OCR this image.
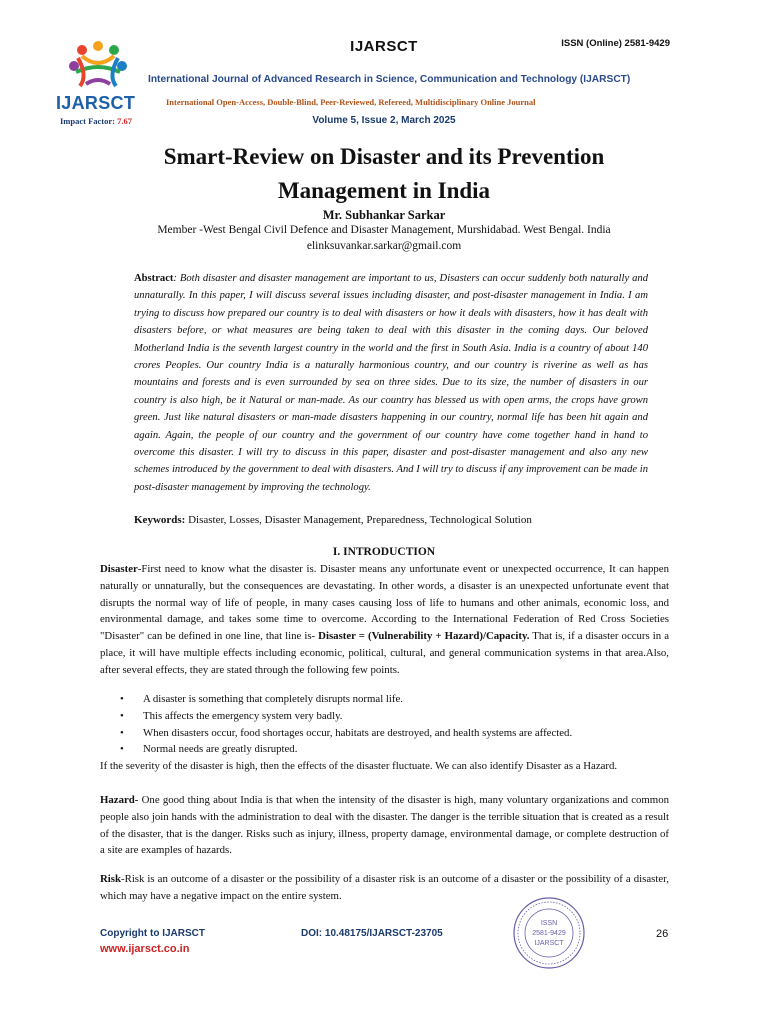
IJARSCT	ISSN (Online) 2581-9429
IJARSCT
International Journal of Advanced Research in Science, Communication and Technology (IJARSCT)
International Open-Access, Double-Blind, Peer-Reviewed, Refereed, Multidisciplinary Online Journal
Impact Factor: 7.67	Volume 5, Issue 2, March 2025
Smart-Review on Disaster and its Prevention Management in India
Mr. Subhankar Sarkar
Member -West Bengal Civil Defence and Disaster Management, Murshidabad. West Bengal. India
elinksuvankar.sarkar@gmail.com
Abstract: Both disaster and disaster management are important to us, Disasters can occur suddenly both naturally and unnaturally. In this paper, I will discuss several issues including disaster, and post-disaster management in India. I am trying to discuss how prepared our country is to deal with disasters or how it deals with disasters, how it has dealt with disasters before, or what measures are being taken to deal with this disaster in the coming days. Our beloved Motherland India is the seventh largest country in the world and the first in South Asia. India is a country of about 140 crores Peoples. Our country India is a naturally harmonious country, and our country is riverine as well as has mountains and forests and is even surrounded by sea on three sides. Due to its size, the number of disasters in our country is also high, be it Natural or man-made. As our country has blessed us with open arms, the crops have grown green. Just like natural disasters or man-made disasters happening in our country, normal life has been hit again and again. Again, the people of our country and the government of our country have come together hand in hand to overcome this disaster. I will try to discuss in this paper, disaster and post-disaster management and also any new schemes introduced by the government to deal with disasters. And I will try to discuss if any improvement can be made in post-disaster management by improving the technology.
Keywords: Disaster, Losses, Disaster Management, Preparedness, Technological Solution
I. INTRODUCTION
Disaster-First need to know what the disaster is. Disaster means any unfortunate event or unexpected occurrence, It can happen naturally or unnaturally, but the consequences are devastating. In other words, a disaster is an unexpected unfortunate event that disrupts the normal way of life of people, in many cases causing loss of life to humans and other animals, economic loss, and environmental damage, and takes some time to overcome. According to the International Federation of Red Cross Societies "Disaster" can be defined in one line, that line is- Disaster = (Vulnerability + Hazard)/Capacity. That is, if a disaster occurs in a place, it will have multiple effects including economic, political, cultural, and general communication systems in that area.Also, after several effects, they are stated through the following few points.
• A disaster is something that completely disrupts normal life.
• This affects the emergency system very badly.
• When disasters occur, food shortages occur, habitats are destroyed, and health systems are affected.
• Normal needs are greatly disrupted.
If the severity of the disaster is high, then the effects of the disaster fluctuate. We can also identify Disaster as a Hazard.
Hazard- One good thing about India is that when the intensity of the disaster is high, many voluntary organizations and common people also join hands with the administration to deal with the disaster. The danger is the terrible situation that is created as a result of the disaster, that is the danger. Risks such as injury, illness, property damage, environmental damage, or complete destruction of a site are examples of hazards.
Risk-Risk is an outcome of a disaster or the possibility of a disaster risk is an outcome of a disaster or the possibility of a disaster, which may have a negative impact on the entire system.
Copyright to IJARSCT
www.ijarsct.co.in
DOI: 10.48175/IJARSCT-23705
ISSN
2581-9429
IJARSCT
26
